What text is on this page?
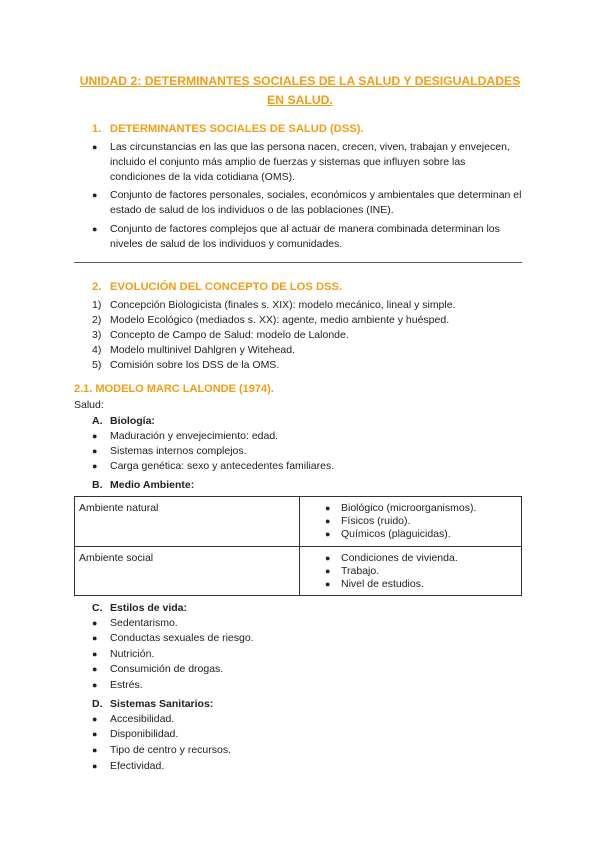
UNIDAD 2: DETERMINANTES SOCIALES DE LA SALUD Y DESIGUALDADES EN SALUD.
1. DETERMINANTES SOCIALES DE SALUD (DSS).
● Las circunstancias en las que las persona nacen, crecen, viven, trabajan y envejecen, incluido el conjunto más amplio de fuerzas y sistemas que influyen sobre las condiciones de la vida cotidiana (OMS).
● Conjunto de factores personales, sociales, económicos y ambientales que determinan el estado de salud de los individuos o de las poblaciones (INE).
● Conjunto de factores complejos que al actuar de manera combinada determinan los niveles de salud de los individuos y comunidades.
2. EVOLUCIÓN DEL CONCEPTO DE LOS DSS.
1) Concepción Biologicista (finales s. XIX): modelo mecánico, lineal y simple.
2) Modelo Ecológico (mediados s. XX): agente, medio ambiente y huésped.
3) Concepto de Campo de Salud: modelo de Lalonde.
4) Modelo multinivel Dahlgren y Witehead.
5) Comisión sobre los DSS de la OMS.
2.1. MODELO MARC LALONDE (1974).
Salud:
A. Biología:
● Maduración y envejecimiento: edad.
● Sistemas internos complejos.
● Carga genética: sexo y antecedentes familiares.
B. Medio Ambiente:
Ambiente natural	● Biológico (microorganismos).
● Físicos (ruido).
● Químicos (plaguicidas).
Ambiente social	● Condiciones de vivienda.
● Trabajo.
● Nivel de estudios.
C. Estilos de vida:
● Sedentarismo.
● Conductas sexuales de riesgo.
● Nutrición.
● Consumición de drogas.
● Estrés.
D. Sistemas Sanitarios:
● Accesibilidad.
● Disponibilidad.
● Tipo de centro y recursos.
● Efectividad.
